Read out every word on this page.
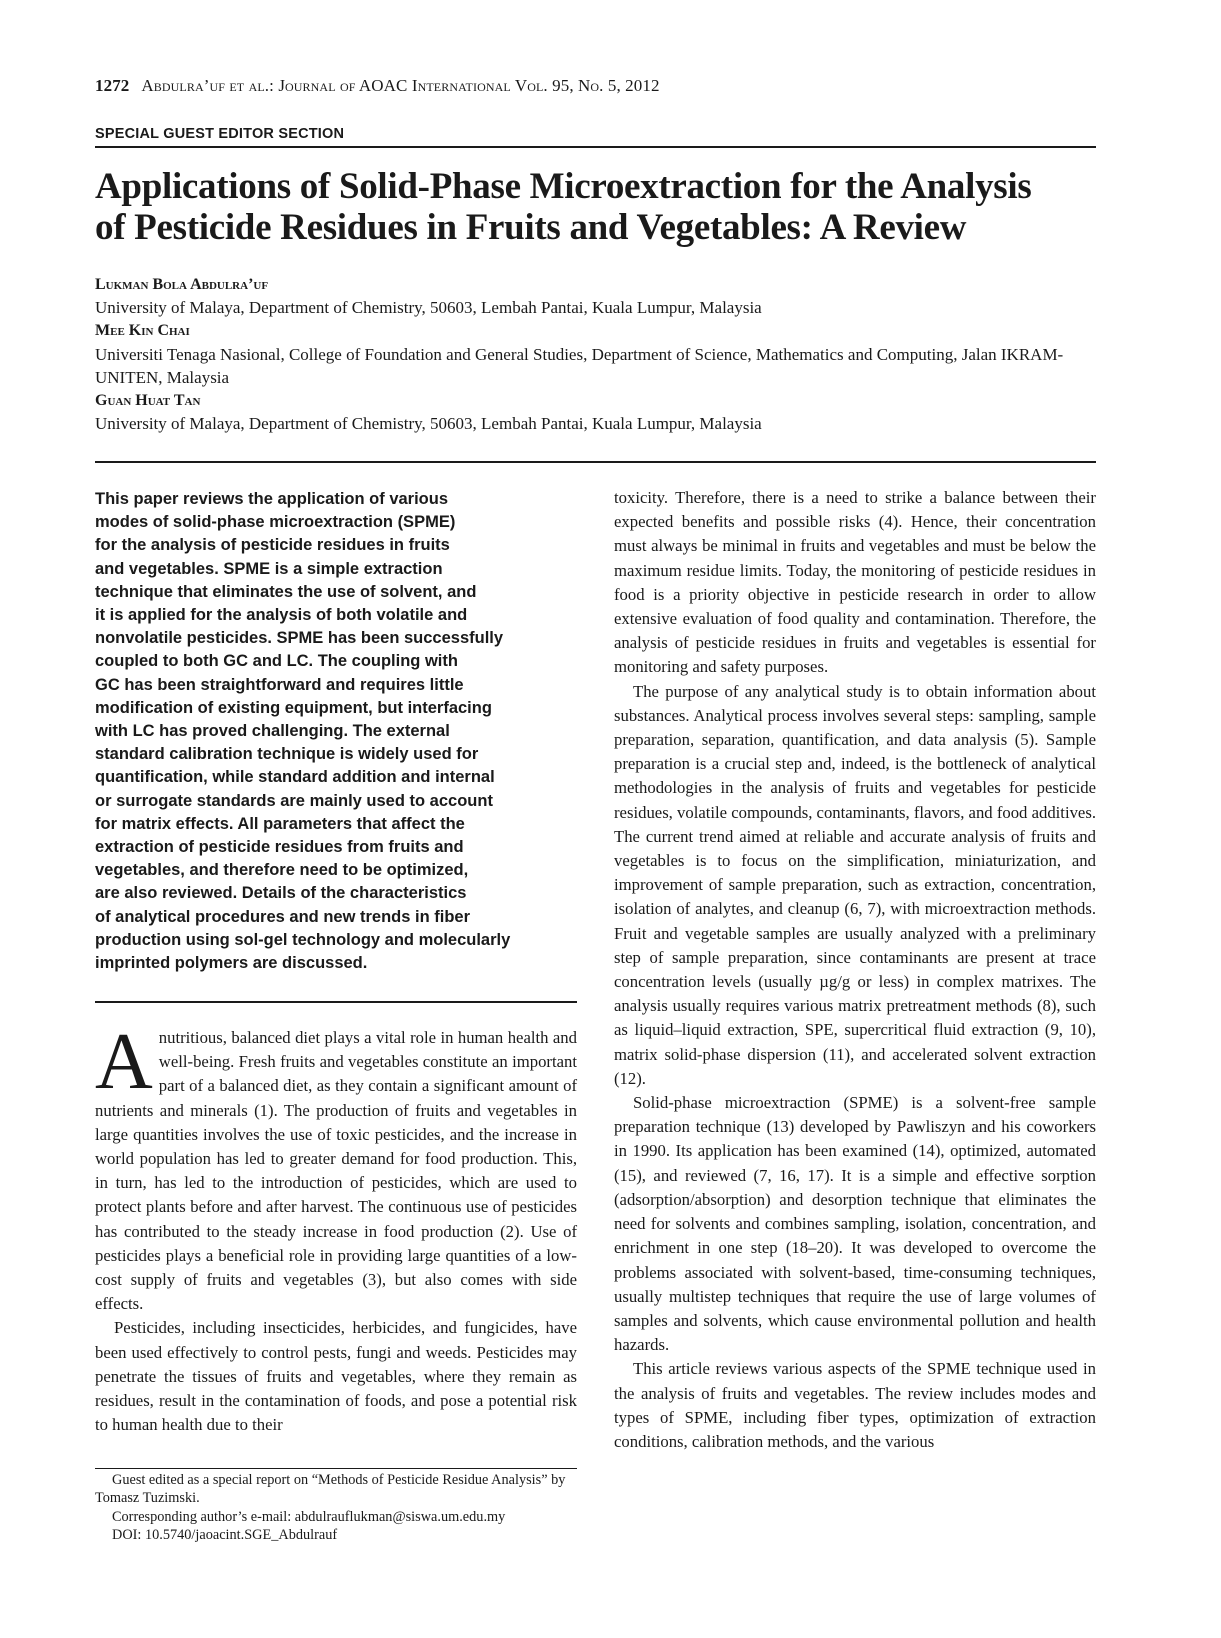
1272 Abdulra’uf et al.: Journal of AOAC International Vol. 95, No. 5, 2012
SPECIAL GUEST EDITOR SECTION
Applications of Solid-Phase Microextraction for the Analysis
of Pesticide Residues in Fruits and Vegetables: A Review
Lukman Bola Abdulra’uf
University of Malaya, Department of Chemistry, 50603, Lembah Pantai, Kuala Lumpur, Malaysia
Mee Kin Chai
Universiti Tenaga Nasional, College of Foundation and General Studies, Department of Science, Mathematics and Computing, Jalan IKRAM-UNITEN, Malaysia
Guan Huat Tan
University of Malaya, Department of Chemistry, 50603, Lembah Pantai, Kuala Lumpur, Malaysia

This paper reviews the application of various
modes of solid-phase microextraction (SPME)
for the analysis of pesticide residues in fruits
and vegetables. SPME is a simple extraction
technique that eliminates the use of solvent, and
it is applied for the analysis of both volatile and
nonvolatile pesticides. SPME has been successfully
coupled to both GC and LC. The coupling with
GC has been straightforward and requires little
modification of existing equipment, but interfacing
with LC has proved challenging. The external
standard calibration technique is widely used for
quantification, while standard addition and internal
or surrogate standards are mainly used to account
for matrix effects. All parameters that affect the
extraction of pesticide residues from fruits and
vegetables, and therefore need to be optimized,
are also reviewed. Details of the characteristics
of analytical procedures and new trends in fiber
production using sol-gel technology and molecularly
imprinted polymers are discussed.

Anutritious, balanced diet plays a vital role in human health and well-being. Fresh fruits and vegetables constitute an important part of a balanced diet, as they contain a significant amount of nutrients and minerals (1). The production of fruits and vegetables in large quantities involves the use of toxic pesticides, and the increase in world population has led to greater demand for food production. This, in turn, has led to the introduction of pesticides, which are used to protect plants before and after harvest. The continuous use of pesticides has contributed to the steady increase in food production (2). Use of pesticides plays a beneficial role in providing large quantities of a low-cost supply of fruits and vegetables (3), but also comes with side effects.

Pesticides, including insecticides, herbicides, and fungicides, have been used effectively to control pests, fungi and weeds. Pesticides may penetrate the tissues of fruits and vegetables, where they remain as residues, result in the contamination of foods, and pose a potential risk to human health due to their

toxicity. Therefore, there is a need to strike a balance between their expected benefits and possible risks (4). Hence, their concentration must always be minimal in fruits and vegetables and must be below the maximum residue limits. Today, the monitoring of pesticide residues in food is a priority objective in pesticide research in order to allow extensive evaluation of food quality and contamination. Therefore, the analysis of pesticide residues in fruits and vegetables is essential for monitoring and safety purposes.

The purpose of any analytical study is to obtain information about substances. Analytical process involves several steps: sampling, sample preparation, separation, quantification, and data analysis (5). Sample preparation is a crucial step and, indeed, is the bottleneck of analytical methodologies in the analysis of fruits and vegetables for pesticide residues, volatile compounds, contaminants, flavors, and food additives. The current trend aimed at reliable and accurate analysis of fruits and vegetables is to focus on the simplification, miniaturization, and improvement of sample preparation, such as extraction, concentration, isolation of analytes, and cleanup (6, 7), with microextraction methods. Fruit and vegetable samples are usually analyzed with a preliminary step of sample preparation, since contaminants are present at trace concentration levels (usually µg/g or less) in complex matrixes. The analysis usually requires various matrix pretreatment methods (8), such as liquid–liquid extraction, SPE, supercritical fluid extraction (9, 10), matrix solid-phase dispersion (11), and accelerated solvent extraction (12).

Solid-phase microextraction (SPME) is a solvent-free sample preparation technique (13) developed by Pawliszyn and his coworkers in 1990. Its application has been examined (14), optimized, automated (15), and reviewed (7, 16, 17). It is a simple and effective sorption (adsorption/absorption) and desorption technique that eliminates the need for solvents and combines sampling, isolation, concentration, and enrichment in one step (18–20). It was developed to overcome the problems associated with solvent-based, time-consuming techniques, usually multistep techniques that require the use of large volumes of samples and solvents, which cause environmental pollution and health hazards.

This article reviews various aspects of the SPME technique used in the analysis of fruits and vegetables. The review includes modes and types of SPME, including fiber types, optimization of extraction conditions, calibration methods, and the various

Guest edited as a special report on “Methods of Pesticide Residue Analysis” by Tomasz Tuzimski.

Corresponding author’s e-mail: abdulrauflukman@siswa.um.edu.my

DOI: 10.5740/jaoacint.SGE_Abdulrauf
